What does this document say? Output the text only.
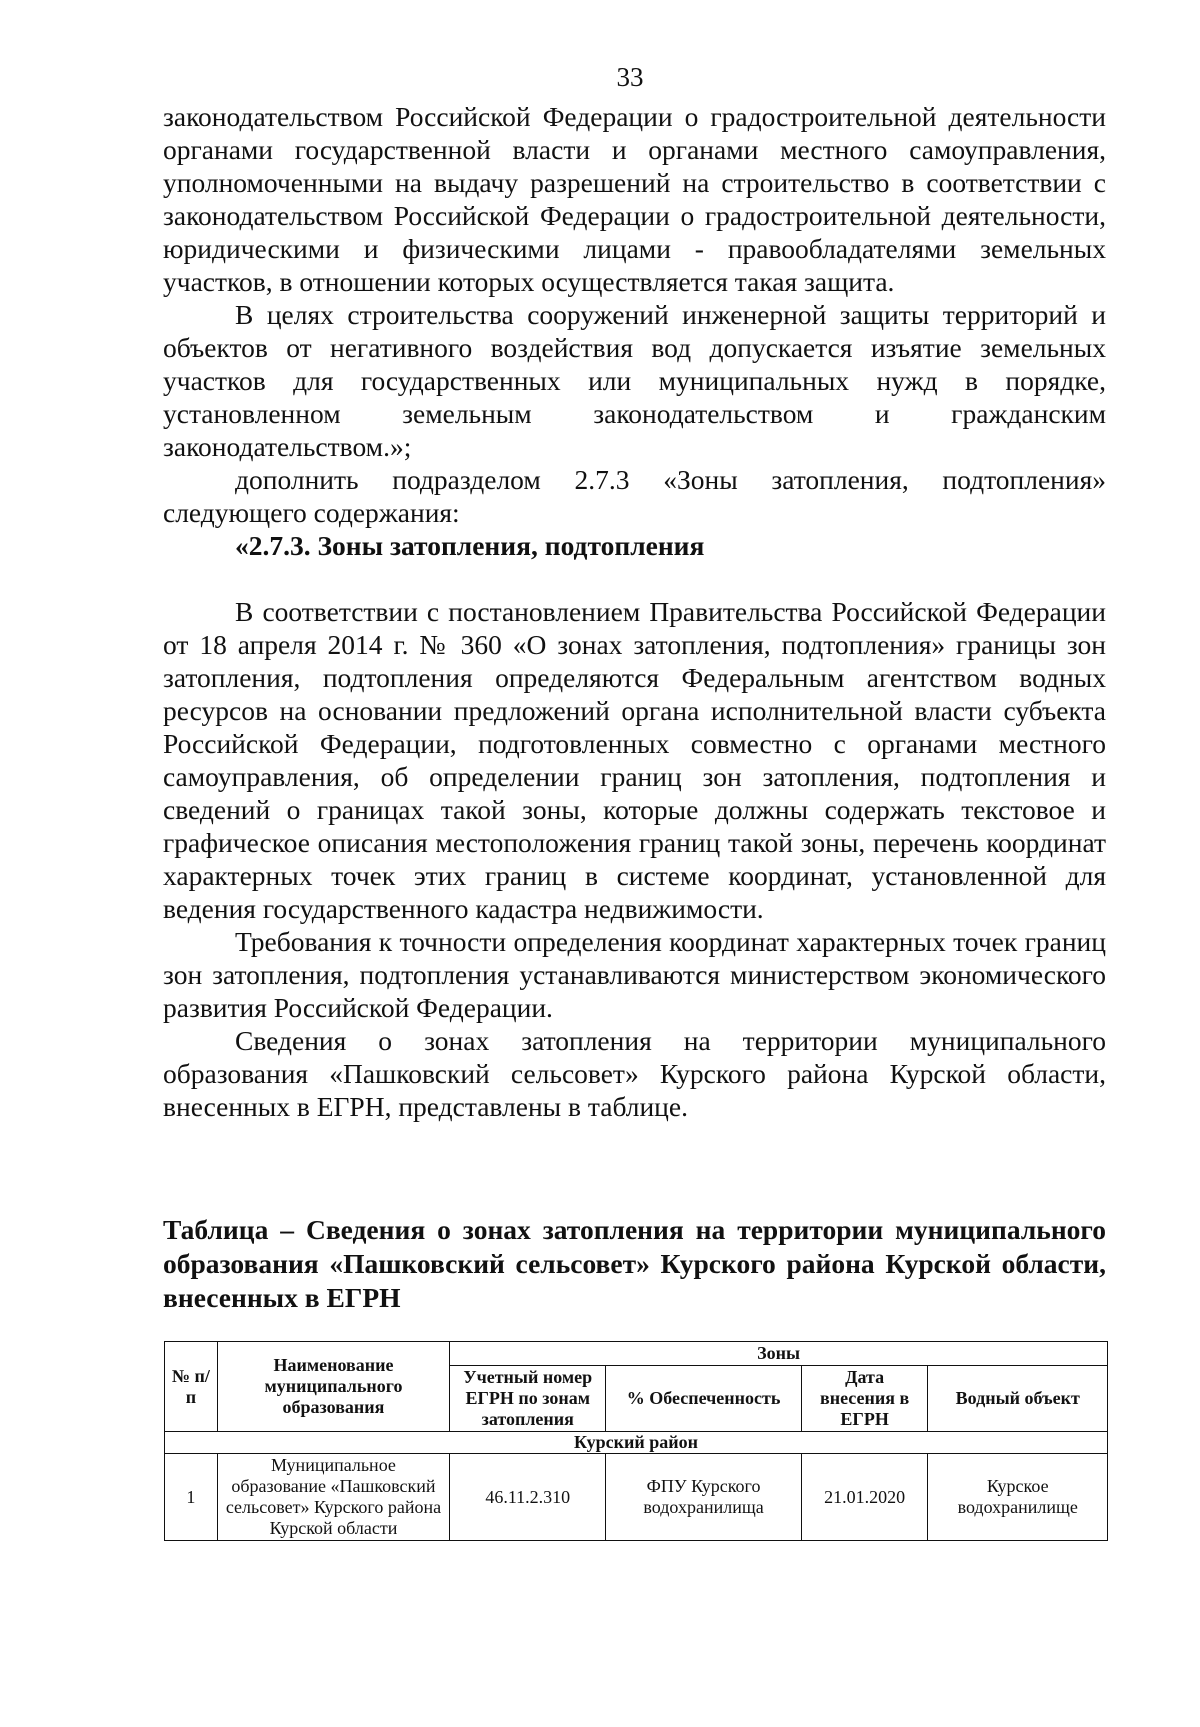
33

законодательством Российской Федерации о градостроительной деятельности органами государственной власти и органами местного самоуправления, уполномоченными на выдачу разрешений на строительство в соответствии с законодательством Российской Федерации о градостроительной деятельности, юридическими и физическими лицами - правообладателями земельных участков, в отношении которых осуществляется такая защита.

В целях строительства сооружений инженерной защиты территорий и объектов от негативного воздействия вод допускается изъятие земельных участков для государственных или муниципальных нужд в порядке, установленном земельным законодательством и гражданским законодательством.»;

дополнить подразделом 2.7.3 «Зоны затопления, подтопления» следующего содержания:

«2.7.3. Зоны затопления, подтопления

В соответствии с постановлением Правительства Российской Федерации от 18 апреля 2014 г. № 360 «О зонах затопления, подтопления» границы зон затопления, подтопления определяются Федеральным агентством водных ресурсов на основании предложений органа исполнительной власти субъекта Российской Федерации, подготовленных совместно с органами местного самоуправления, об определении границ зон затопления, подтопления и сведений о границах такой зоны, которые должны содержать текстовое и графическое описания местоположения границ такой зоны, перечень координат характерных точек этих границ в системе координат, установленной для ведения государственного кадастра недвижимости.

Требования к точности определения координат характерных точек границ зон затопления, подтопления устанавливаются министерством экономического развития Российской Федерации.

Сведения о зонах затопления на территории муниципального образования «Пашковский сельсовет» Курского района Курской области, внесенных в ЕГРН, представлены в таблице.

Таблица – Сведения о зонах затопления на территории муниципального образования «Пашковский сельсовет» Курского района Курской области, внесенных в ЕГРН
№ п/п	Наименование муниципального образования	Зоны			
		Учетный номер ЕГРН по зонам затопления	% Обеспеченность	Дата внесения в ЕГРН	Водный объект
Курский район					
1	Муниципальное образование «Пашковский сельсовет» Курского района Курской области	46.11.2.310	ФПУ Курского водохранилища	21.01.2020	Курское водохранилище
